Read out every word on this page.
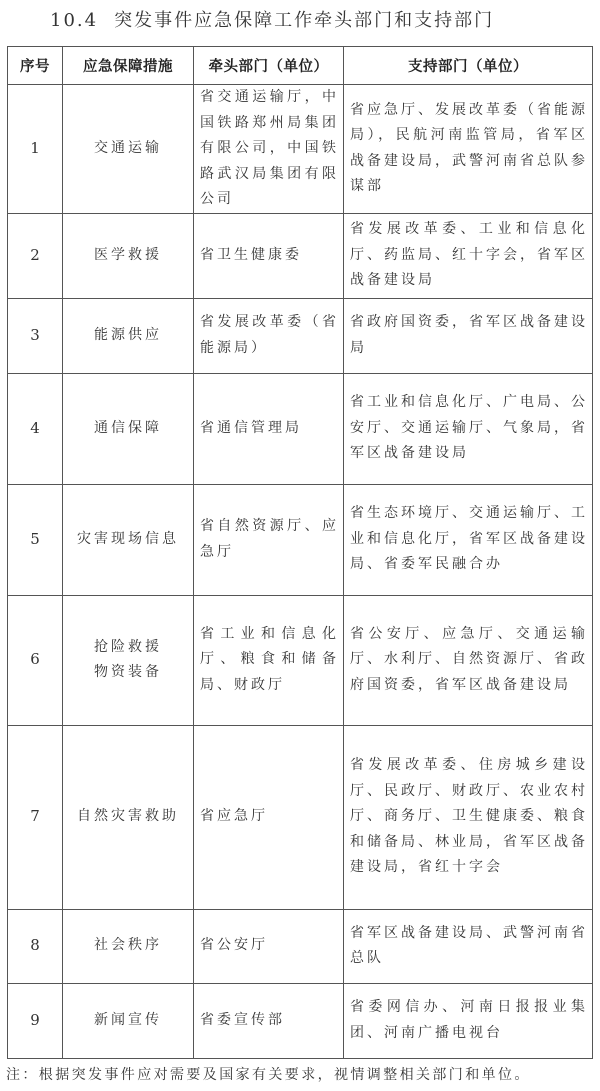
10.4 突发事件应急保障工作牵头部门和支持部门
序号	应急保障措施	牵头部门（单位）	支持部门（单位）
1	交通运输	省交通运输厅，中国铁路郑州局集团有限公司，中国铁路武汉局集团有限公司	省应急厅、发展改革委（省能源局），民航河南监管局，省军区战备建设局，武警河南省总队参谋部
2	医学救援	省卫生健康委	省发展改革委、工业和信息化厅、药监局、红十字会，省军区战备建设局
3	能源供应	省发展改革委（省能源局）	省政府国资委，省军区战备建设局
4	通信保障	省通信管理局	省工业和信息化厅、广电局、公安厅、交通运输厅、气象局，省军区战备建设局
5	灾害现场信息	省自然资源厅、应急厅	省生态环境厅、交通运输厅、工业和信息化厅，省军区战备建设局、省委军民融合办
6	抢险救援物资装备	省工业和信息化厅、粮食和储备局、财政厅	省公安厅、应急厅、交通运输厅、水利厅、自然资源厅、省政府国资委，省军区战备建设局
7	自然灾害救助	省应急厅	省发展改革委、住房城乡建设厅、民政厅、财政厅、农业农村厅、商务厅、卫生健康委、粮食和储备局、林业局，省军区战备建设局，省红十字会
8	社会秩序	省公安厅	省军区战备建设局、武警河南省总队
9	新闻宣传	省委宣传部	省委网信办、河南日报报业集团、河南广播电视台
注：根据突发事件应对需要及国家有关要求，视情调整相关部门和单位。
